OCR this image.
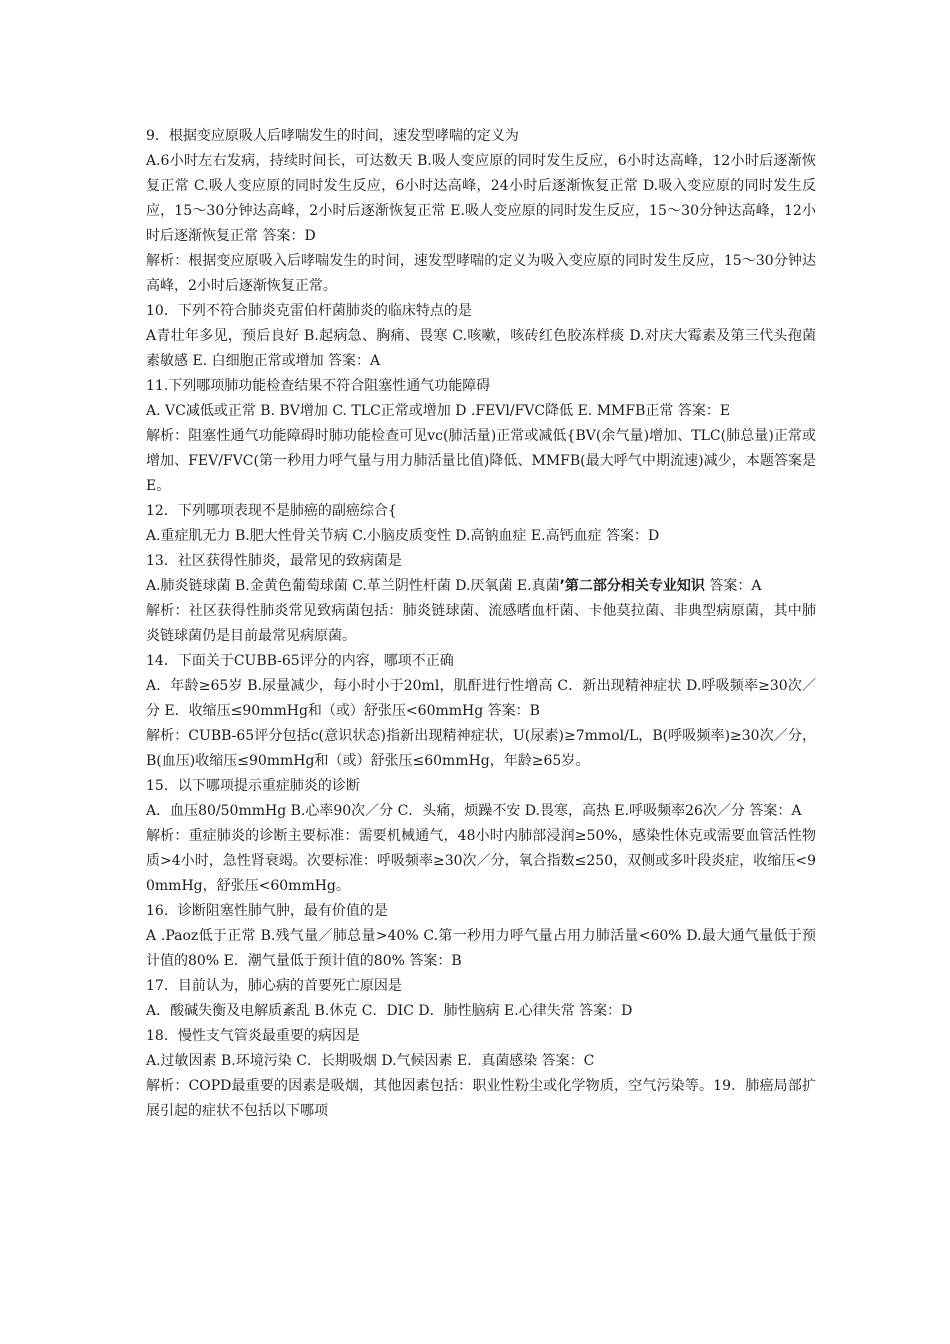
9．根据变应原吸人后哮喘发生的时间，速发型哮喘的定义为

A.6小时左右发病，持续时间长，可达数天 B.吸人变应原的同时发生反应，6小时达高峰，12小时后逐渐恢复正常 C.吸人变应原的同时发生反应，6小时达高峰，24小时后逐渐恢复正常 D.吸入变应原的同时发生反应，15～30分钟达高峰，2小时后逐渐恢复正常 E.吸人变应原的同时发生反应，15～30分钟达高峰，12小时后逐渐恢复正常 答案：D

解析：根据变应原吸入后哮喘发生的时间，速发型哮喘的定义为吸入变应原的同时发生反应，15～30分钟达高峰，2小时后逐渐恢复正常。

10．下列不符合肺炎克雷伯杆菌肺炎的临床特点的是

A青壮年多见，预后良好 B.起病急、胸痛、畏寒 C.咳嗽，咳砖红色胶冻样痰 D.对庆大霉素及第三代头孢菌素敏感 E. 白细胞正常或增加 答案：A

11.下列哪项肺功能检查结果不符合阻塞性通气功能障碍

A. VC减低或正常 B. BV增加 C. TLC正常或增加 D .FEVl/FVC降低 E. MMFB正常 答案：E

解析：阻塞性通气功能障碍时肺功能检查可见vc(肺活量)正常或减低{BV(余气量)增加、TLC(肺总量)正常或增加、FEV/FVC(第一秒用力呼气量与用力肺活量比值)降低、MMFB(最大呼气中期流速)减少，本题答案是E。

12．下列哪项表现不是肺癌的副癌综合{

A.重症肌无力 B.肥大性骨关节病 C.小脑皮质变性 D.高钠血症 E.高钙血症 答案：D

13．社区获得性肺炎，最常见的致病菌是

A.肺炎链球菌 B.金黄色葡萄球菌 C.革兰阴性杆菌 D.厌氧菌 E.真菌’第二部分相关专业知识 答案：A

解析：社区获得性肺炎常见致病菌包括：肺炎链球菌、流感嗜血杆菌、卡他莫拉菌、非典型病原菌，其中肺炎链球菌仍是目前最常见病原菌。

14．下面关于CUBB-65评分的内容，哪项不正确

A．年龄≥65岁 B.尿量减少，每小时小于20ml，肌酐进行性增高 C．新出现精神症状 D.呼吸频率≥30次／分 E．收缩压≤90mmHg和（或）舒张压<60mmHg 答案：B

解析：CUBB-65评分包括c(意识状态)指新出现精神症状，U(尿素)≥7mmol/L，B(呼吸频率)≥30次／分，B(血压)收缩压≤90mmHg和（或）舒张压≤60mmHg，年龄≥65岁。

15．以下哪项提示重症肺炎的诊断

A．血压80/50mmHg B.心率90次／分 C．头痛，烦躁不安 D.畏寒，高热 E.呼吸频率26次／分 答案：A

解析：重症肺炎的诊断主要标准：需要机械通气，48小时内肺部浸润≥50%，感染性休克或需要血管活性物质>4小时，急性肾衰竭。次要标准：呼吸频率≥30次／分，氧合指数≤250，双侧或多叶段炎症，收缩压<90mmHg，舒张压<60mmHg。

16．诊断阻塞性肺气肿，最有价值的是

A .Paoz低于正常 B.残气量／肺总量>40% C.第一秒用力呼气量占用力肺活量<60% D.最大通气量低于预计值的80% E．潮气量低于预计值的80% 答案：B

17．目前认为，肺心病的首要死亡原因是

A．酸碱失衡及电解质紊乱 B.休克 C．DIC D．肺性脑病 E.心律失常 答案：D

18．慢性支气管炎最重要的病因是

A.过敏因素 B.环境污染 C．长期吸烟 D.气候因素 E．真菌感染 答案：C

解析：COPD最重要的因素是吸烟，其他因素包括：职业性粉尘或化学物质，空气污染等。19．肺癌局部扩展引起的症状不包括以下哪项
